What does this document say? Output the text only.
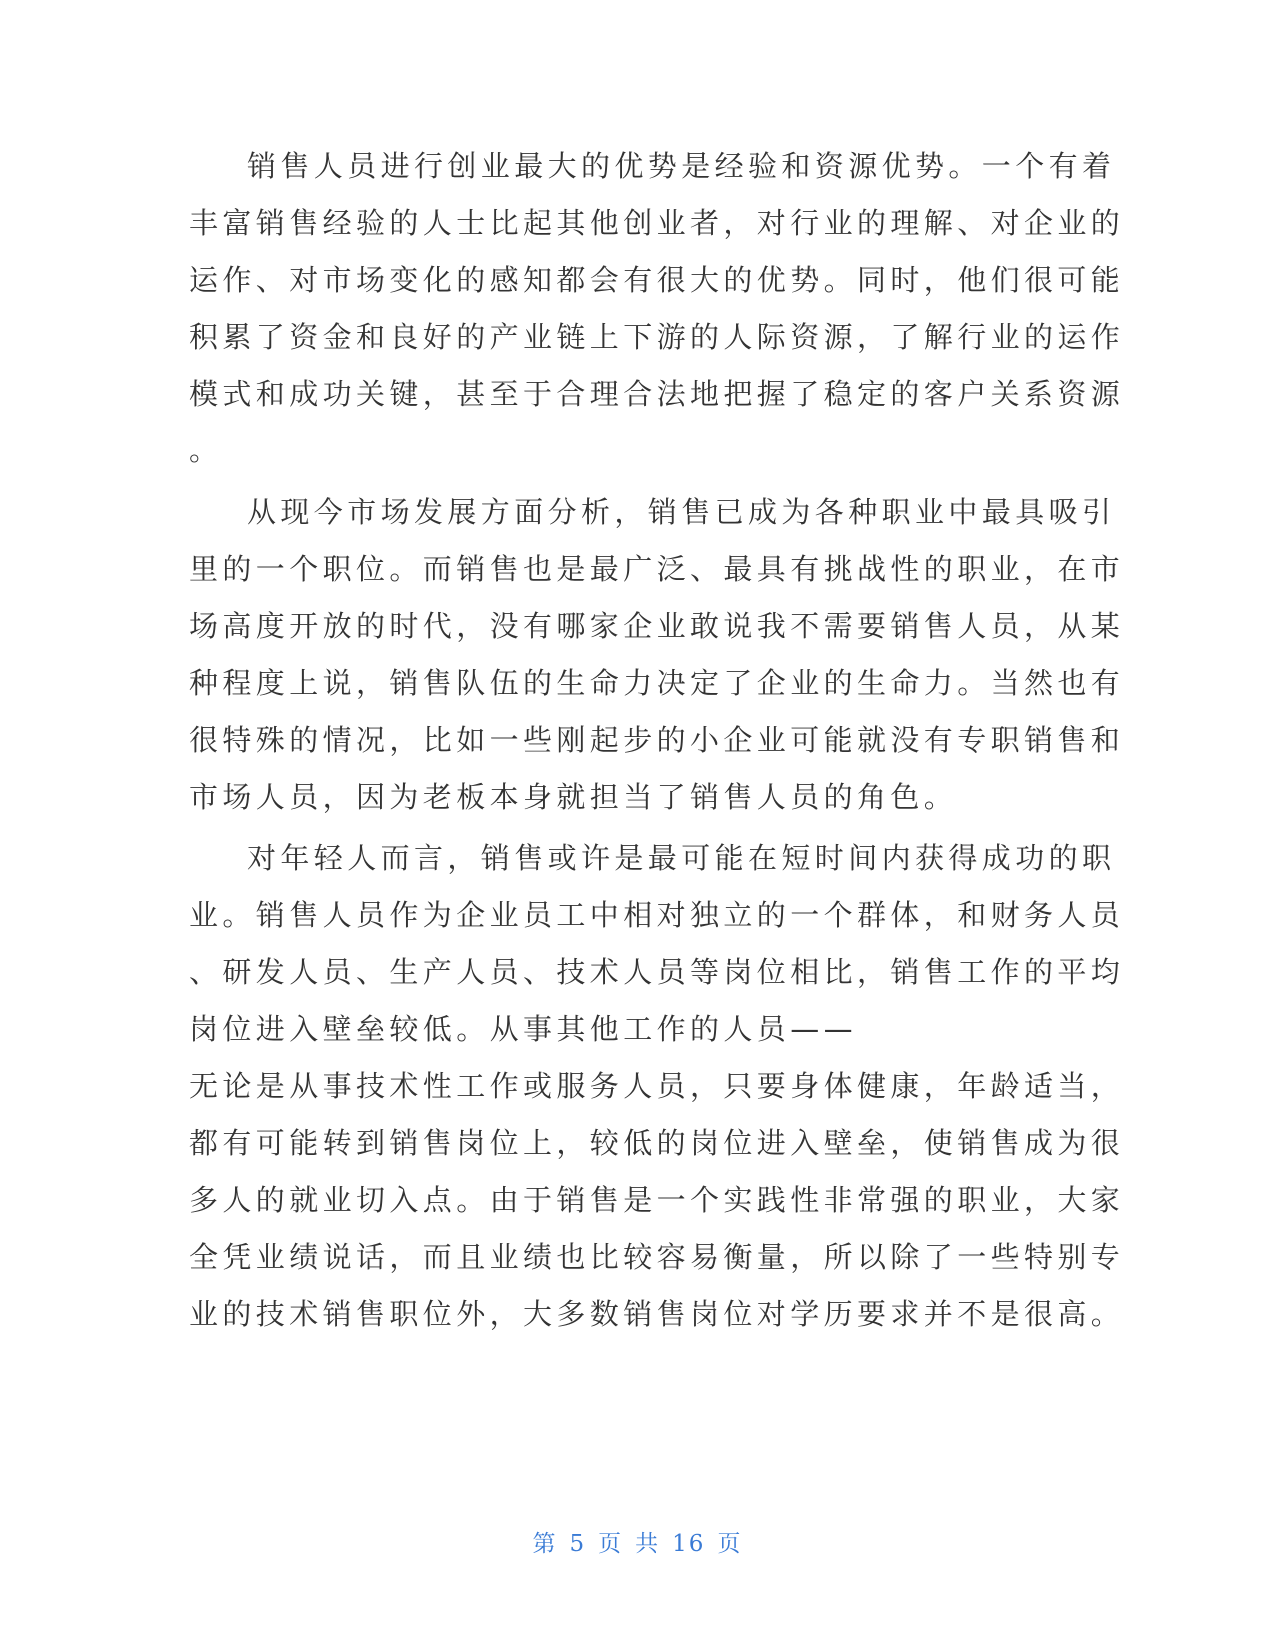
销售人员进行创业最大的优势是经验和资源优势。一个有着
丰富销售经验的人士比起其他创业者，对行业的理解、对企业的
运作、对市场变化的感知都会有很大的优势。同时，他们很可能
积累了资金和良好的产业链上下游的人际资源，了解行业的运作
模式和成功关键，甚至于合理合法地把握了稳定的客户关系资源
。
从现今市场发展方面分析，销售已成为各种职业中最具吸引
里的一个职位。而销售也是最广泛、最具有挑战性的职业，在市
场高度开放的时代，没有哪家企业敢说我不需要销售人员，从某
种程度上说，销售队伍的生命力决定了企业的生命力。当然也有
很特殊的情况，比如一些刚起步的小企业可能就没有专职销售和
市场人员，因为老板本身就担当了销售人员的角色。
对年轻人而言，销售或许是最可能在短时间内获得成功的职
业。销售人员作为企业员工中相对独立的一个群体，和财务人员
、研发人员、生产人员、技术人员等岗位相比，销售工作的平均
岗位进入壁垒较低。从事其他工作的人员——
无论是从事技术性工作或服务人员，只要身体健康，年龄适当，
都有可能转到销售岗位上，较低的岗位进入壁垒，使销售成为很
多人的就业切入点。由于销售是一个实践性非常强的职业，大家
全凭业绩说话，而且业绩也比较容易衡量，所以除了一些特别专
业的技术销售职位外，大多数销售岗位对学历要求并不是很高。
第 5 页 共 16 页
